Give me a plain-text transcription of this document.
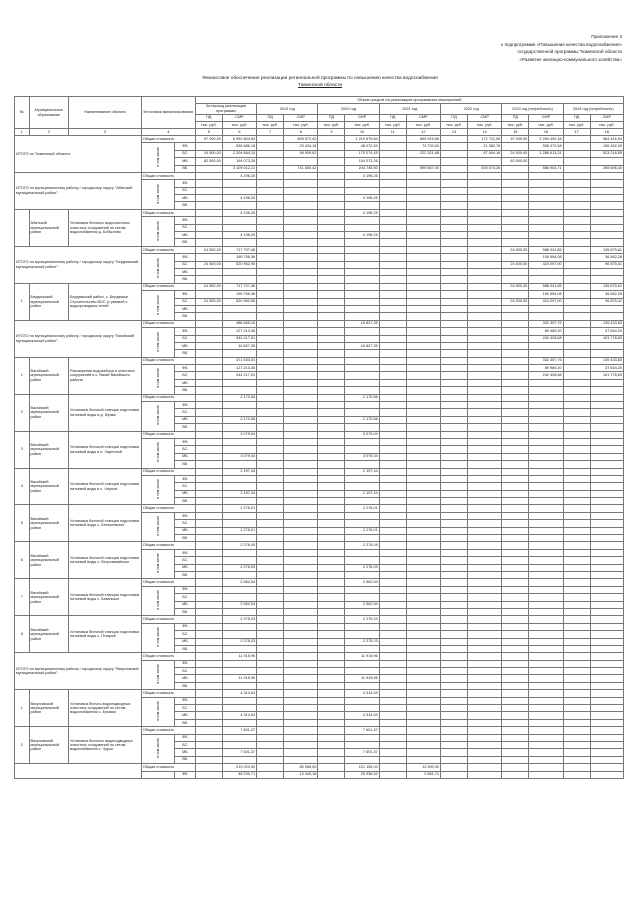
Приложение 3
к подпрограмме «Повышение качества водоснабжения»
государственной программы Тюменской области
«Развитие жилищно-коммунального хозяйства»
Финансовое обеспечение реализации региональной программы по повышению качества водоснабжения
Тюменской области
№	Муниципальное образование	Наименование объекта	Источники финансирования		Объем средств на реализацию программных мероприятий													
					За период реализации программы		2019 год		2020 год		2021 год		2022 год		2023 год (потребность)		2024 год (потребность)	
					ПД	СМР	ПД	СМР	ПД	СМР	ПД	СМР	ПД	СМР	ПД	СМР	ПД	СМР
					тыс. руб.	тыс. руб.	тыс. руб.	тыс. руб.	тыс. руб.	тыс. руб.	тыс. руб.	тыс. руб.	тыс. руб.	тыс. руб.	тыс. руб.	тыс. руб.	тыс. руб.	тыс. руб.
1	2	3	4		5	6	7	8	9	10	11	12	13	14	15	16	17	18
ИТОГО по Тюменской области:			Общая стоимость		97 000,00	6 952 804,53		855 572,42		1 210 676,84		655 915,56		172 721,06	37 000,00	2 284 492,18		564 416,54
			в том числе	ФБ		835 686,18		23 434,18		48 072,53		73 700,00		21 382,76		508 372,58		156 462,03
				БС	24 500,00	2 204 664,15		98 909,92		170 074,45		222 321,68		67 464,16	24 500,00	1 286 613,21		523 216,55
				МБ	62 500,00	194 073,26				104 073,26					62 500,00			
				ВБ		3 109 012,21		741 650,42		244 746,60		595 567,00		539 073,26		586 903,71		265 696,40
ИТОГО по муниципальному району / городскому округу "Абатский муниципальный район":			Общая стоимость			4 196,25				4 196,25								
			в том числе	ФБ														
				БС														
				МБ		4 196,25				4 196,25								
				ВБ														
	Абатский муниципальный район	Установка блочных водоочистных очистных сооружений по сетям водоснабжения д. Бобылово	Общая стоимость			4 196,25				4 196,25								
			в том числе	ФБ														
				БС														
				МБ		4 196,25				4 196,25								
				ВБ														
ИТОГО по муниципальному району / городскому округу "Бердюжский муниципальный район":			Общая стоимость		24 500,00	717 707,46									24 500,00	588 941,85		135 675,61
			в том числе	ФБ		195 756,36										159 554,08		36 562,28
				БС	24 500,00	520 962,96									24 500,00	424 097,00		96 875,41
				МБ														
				ВБ														
1	Бердюжский муниципальный район	Бердюжский район, с. Бердюжье. Строительство ВОС (с увязкой с водопроводных сетей	Общая стоимость		24 500,00	717 707,46									24 500,00	588 941,85		135 675,61
			в том числе	ФБ		195 756,36										159 554,08		36 562,28
				БС	24 500,00	520 962,96									24 500,00	424 097,00		96 875,41
				МБ														
				ВБ														
ИТОГО по муниципальному району / городскому округу "Вагайский муниципальный район":			Общая стоимость			488 565,16				16 827,35						332 307,76		139 433,83
			в том числе	ФБ		127 213,36										89 969,20		37 644,20
				БС		344 217,51										242 428,68		101 778,83
				МБ		16 827,35				16 827,35								
				ВБ														
1	Вагайский муниципальный район	Расширение водозабора и очистных сооружений в с. Вагай Вагайского района	Общая стоимость			471 530,01										332 307,76		139 433,83
			в том числе	ФБ		127 213,36										89 969,20		37 644,20
				БС		344 217,51										242 428,68		101 778,83
				МБ														
				ВБ														
2	Вагайский муниципальный район	Установка блочной станции подготовки питьевой воды в д. Юрмы	Общая стоимость			2 170,56				2 170,56								
			в том числе	ФБ														
				БС														
				МБ		2 170,56				2 170,56								
				ВБ														
3	Вагайский муниципальный район	Установка блочной станции подготовки питьевой воды в п. Заречный	Общая стоимость			3 079,04				3 079,04								
			в том числе	ФБ														
				БС														
				МБ		3 079,04				3 079,04								
				ВБ														
4	Вагайский муниципальный район	Установка блочной станции подготовки питьевой воды в с. Черное	Общая стоимость			2 197,44				2 197,44								
			в том числе	ФБ														
				БС														
				МБ		2 197,44				2 197,44								
				ВБ														
5	Вагайский муниципальный район	Установка блочной станции подготовки питьевой воды с. Бегишевское	Общая стоимость			2 276,01				2 276,01								
			в том числе	ФБ														
				БС														
				МБ		2 276,01				2 276,01								
				ВБ														
6	Вагайский муниципальный район	Установка блочной станции подготовки питьевой воды с. Второвагайское	Общая стоимость			2 276,09				2 276,09								
			в том числе	ФБ														
				БС														
				МБ		2 276,09				2 276,09								
				ВБ														
7	Вагайский муниципальный район	Установка блочной станции подготовки питьевой воды с. Казанское	Общая стоимость			2 562,54				2 562,54								
			в том числе	ФБ														
				БС														
				МБ		2 562,54				2 562,54								
				ВБ														
8	Вагайский муниципальный район	Установка блочной станции подготовки питьевой воды с. Птицкое	Общая стоимость			2 275,23				2 275,23								
			в том числе	ФБ														
				БС														
				МБ		2 275,23				2 275,23								
				ВБ														
ИТОГО по муниципальному району / городскому округу "Викуловский муниципальный район":			Общая стоимость			11 915,96				11 915,96								
			в том числе	ФБ														
				БС														
				МБ		11 915,96				11 915,96								
				ВБ														
1	Викуловский муниципальный район	Установка блочно-водоподводных очистных сооружений по сетям водоснабжения с. Ермаки	Общая стоимость			4 314,63				4 314,63								
			в том числе	ФБ														
				БС														
				МБ		4 314,63				4 314,63								
				ВБ														
2	Викуловский муниципальный район	Установка блочных водоподводных очистных сооружений по сетям водоснабжения с. Чурки	Общая стоимость			7 601,37				7 601,37								
			в том числе	ФБ														
				БС														
				МБ		7 601,37				7 601,37								
				ВБ														
			Общая стоимость			219 023,00		85 965,00		121 155,00		12 900,00						
				ФБ		48 239,71		13 443,16		29 938,52		2 881,71						
